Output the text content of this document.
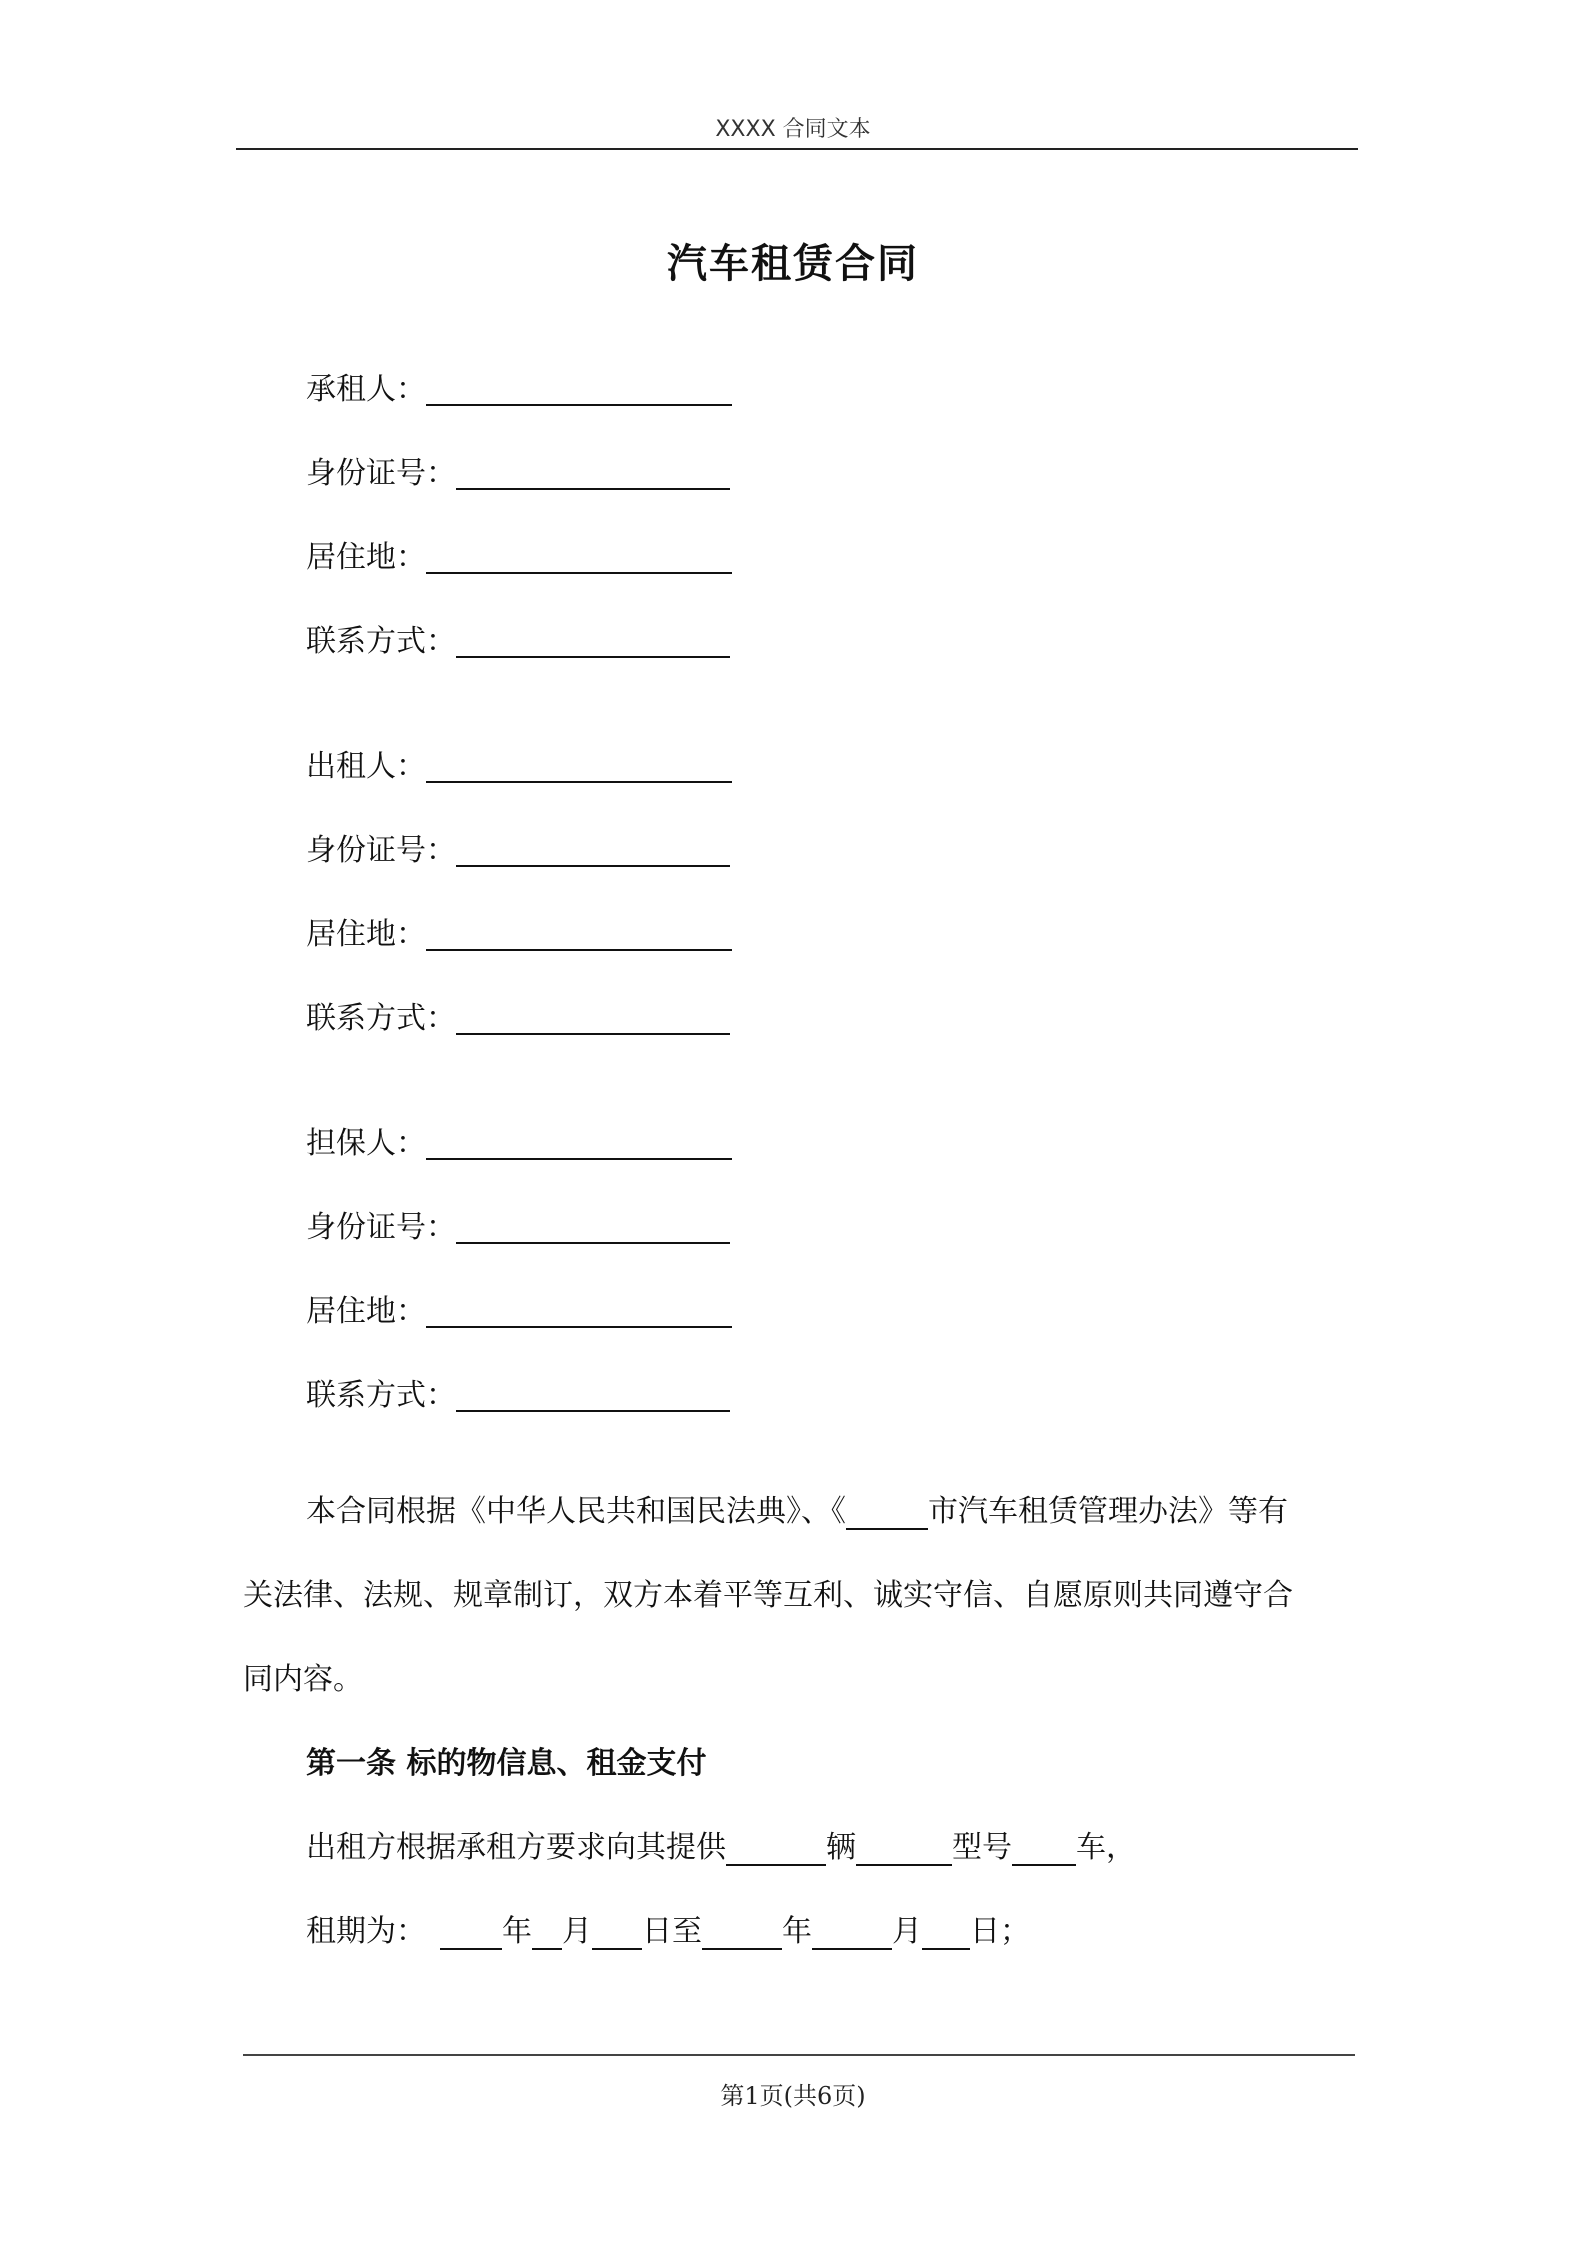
XXXX 合同文本
汽车租赁合同
承租人：
身份证号：
居住地：
联系方式：
出租人：
身份证号：
居住地：
联系方式：
担保人：
身份证号：
居住地：
联系方式：
本合同根据《中华人民共和国民法典》、《	市汽车租赁管理办法》等有
关法律、法规、规章制订，双方本着平等互利、诚实守信、自愿原则共同遵守合
同内容。
第一条 标的物信息、租金支付
出租方根据承租方要求向其提供	辆	型号 车，
租期为：	年 月 日至	年	月 日；
第1页(共6页)
